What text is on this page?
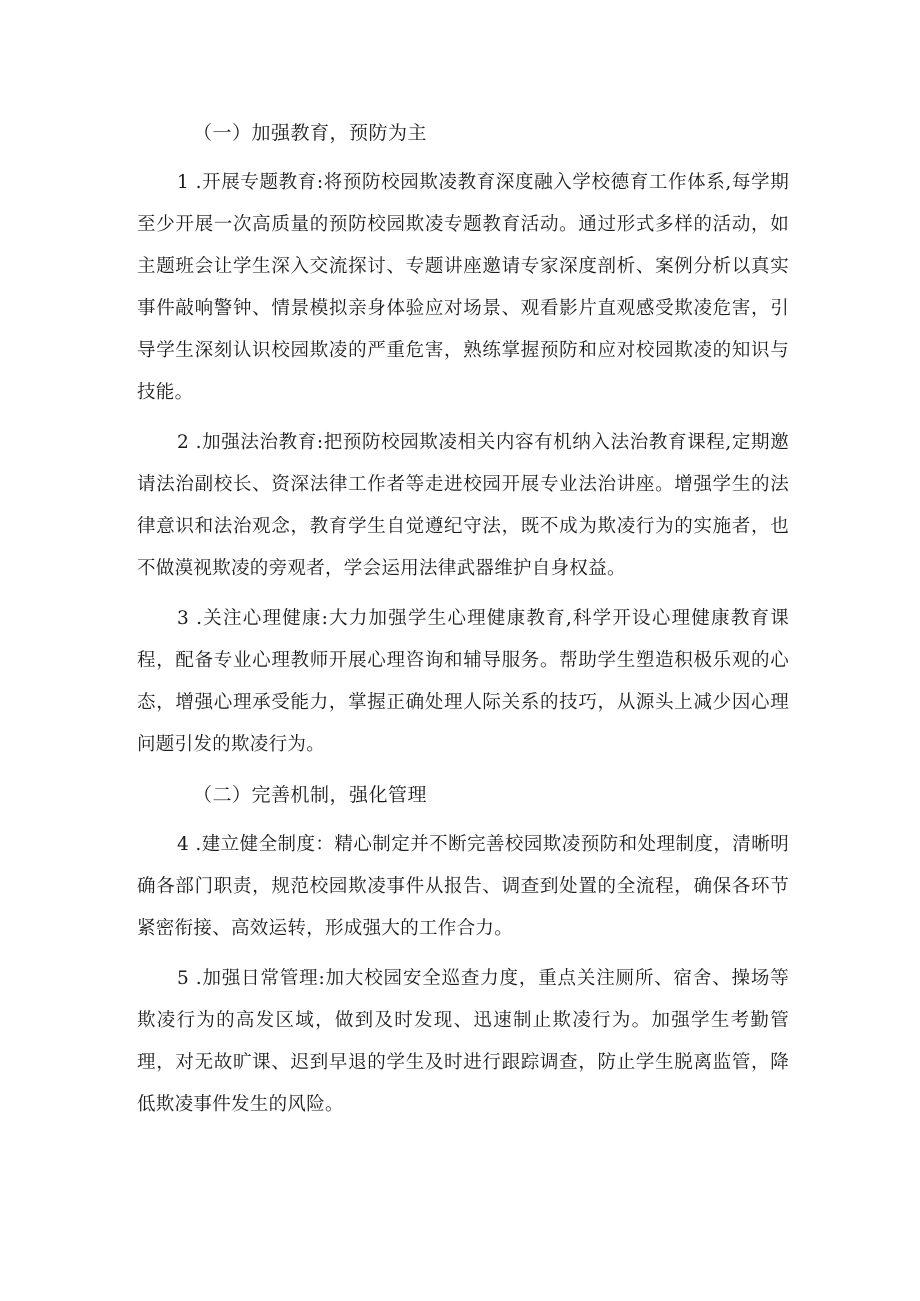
（一）加强教育，预防为主

1 .开展专题教育:将预防校园欺凌教育深度融入学校德育工作体系,每学期至少开展一次高质量的预防校园欺凌专题教育活动。通过形式多样的活动，如主题班会让学生深入交流探讨、专题讲座邀请专家深度剖析、案例分析以真实事件敲响警钟、情景模拟亲身体验应对场景、观看影片直观感受欺凌危害，引导学生深刻认识校园欺凌的严重危害，熟练掌握预防和应对校园欺凌的知识与技能。

2 .加强法治教育:把预防校园欺凌相关内容有机纳入法治教育课程,定期邀请法治副校长、资深法律工作者等走进校园开展专业法治讲座。增强学生的法律意识和法治观念，教育学生自觉遵纪守法，既不成为欺凌行为的实施者，也不做漠视欺凌的旁观者，学会运用法律武器维护自身权益。

3 .关注心理健康:大力加强学生心理健康教育,科学开设心理健康教育课程，配备专业心理教师开展心理咨询和辅导服务。帮助学生塑造积极乐观的心态，增强心理承受能力，掌握正确处理人际关系的技巧，从源头上减少因心理问题引发的欺凌行为。

（二）完善机制，强化管理

4 .建立健全制度：精心制定并不断完善校园欺凌预防和处理制度，清晰明确各部门职责，规范校园欺凌事件从报告、调查到处置的全流程，确保各环节紧密衔接、高效运转，形成强大的工作合力。

5 .加强日常管理:加大校园安全巡查力度，重点关注厕所、宿舍、操场等欺凌行为的高发区域，做到及时发现、迅速制止欺凌行为。加强学生考勤管理，对无故旷课、迟到早退的学生及时进行跟踪调查，防止学生脱离监管，降低欺凌事件发生的风险。
